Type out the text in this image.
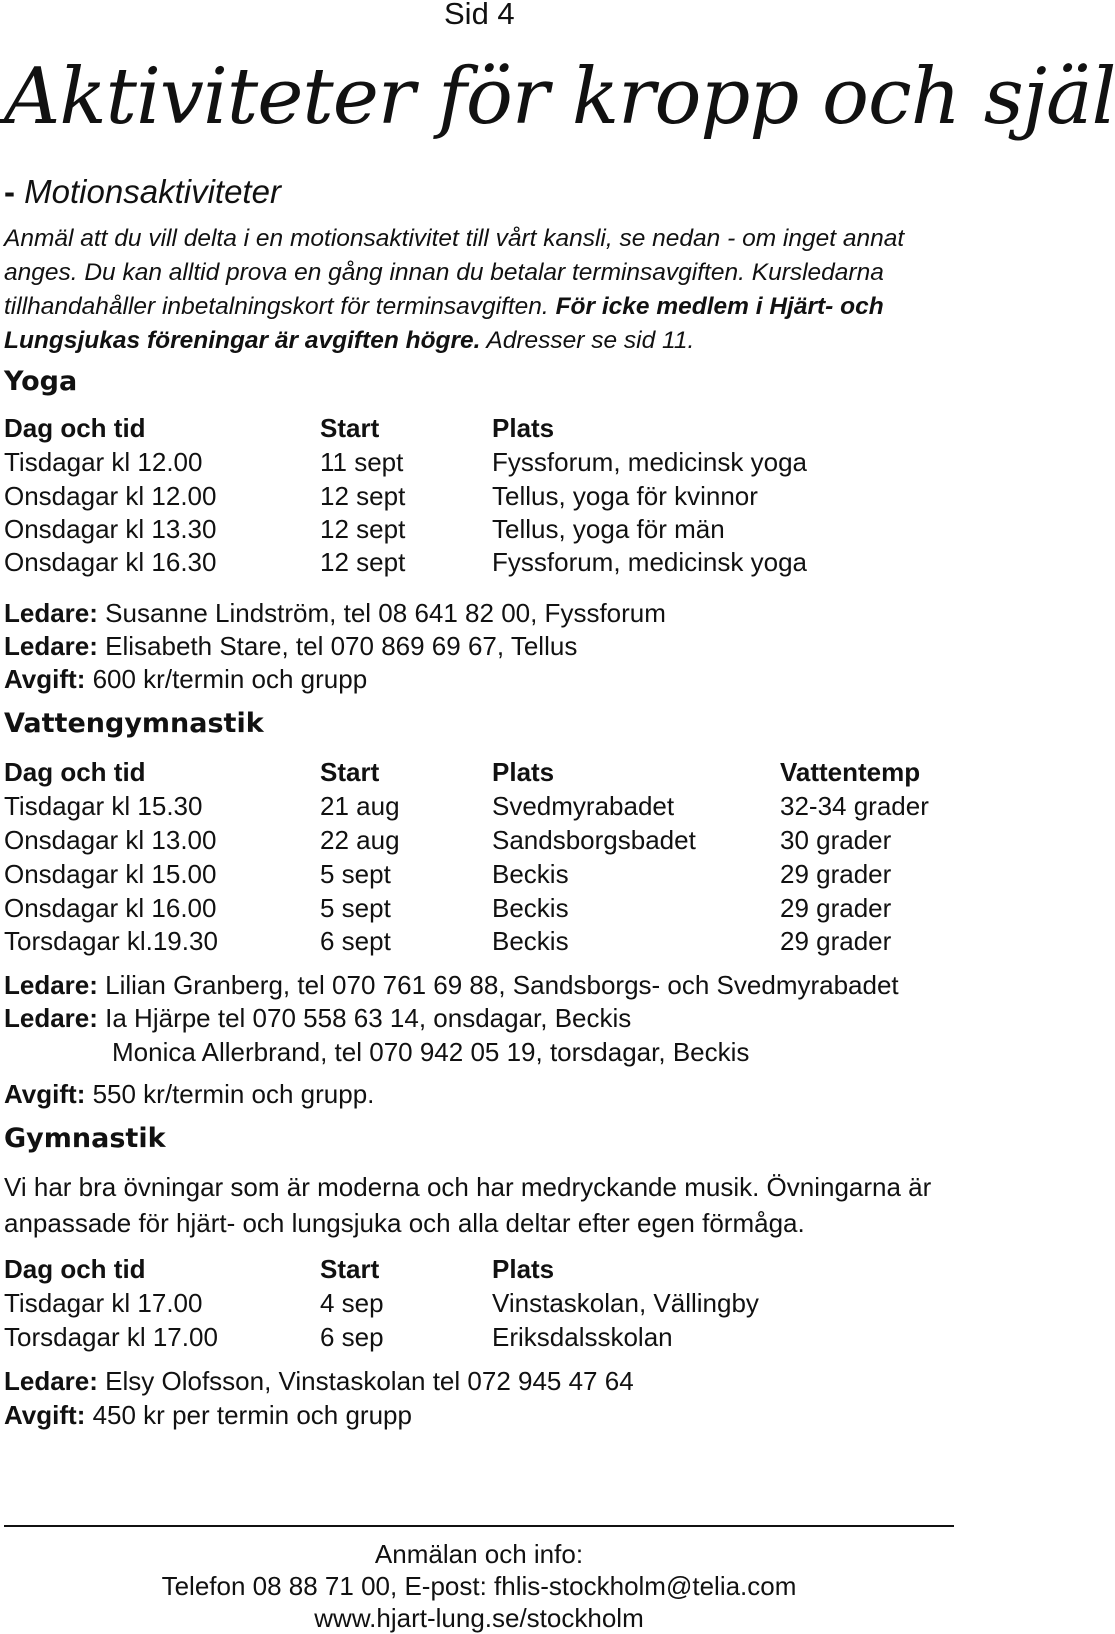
Sid 4
Aktiviteter för kropp och själ
- Motionsaktiviteter
Anmäl att du vill delta i en motionsaktivitet till vårt kansli, se nedan - om inget annat anges. Du kan alltid prova en gång innan du betalar terminsavgiften. Kursledarna tillhandahåller inbetalningskort för terminsavgiften. För icke medlem i Hjärt- och Lungsjukas föreningar är avgiften högre. Adresser se sid 11.
Yoga
Dag och tid	Start	Plats
Tisdagar kl 12.00	11 sept	Fyssforum, medicinsk yoga
Onsdagar kl 12.00	12 sept	Tellus, yoga för kvinnor
Onsdagar kl 13.30	12 sept	Tellus, yoga för män
Onsdagar kl 16.30	12 sept	Fyssforum, medicinsk yoga
Ledare: Susanne Lindström, tel 08 641 82 00, Fyssforum
Ledare: Elisabeth Stare, tel 070 869 69 67, Tellus
Avgift: 600 kr/termin och grupp
Vattengymnastik
Dag och tid	Start	Plats	Vattentemp
Tisdagar kl 15.30	21 aug	Svedmyrabadet	32-34 grader
Onsdagar kl 13.00	22 aug	Sandsborgsbadet	30 grader
Onsdagar kl 15.00	5 sept	Beckis	29 grader
Onsdagar kl 16.00	5 sept	Beckis	29 grader
Torsdagar kl.19.30	6 sept	Beckis	29 grader
Ledare: Lilian Granberg, tel 070 761 69 88, Sandsborgs- och Svedmyrabadet
Ledare: Ia Hjärpe tel 070 558 63 14, onsdagar, Beckis
Monica Allerbrand, tel 070 942 05 19, torsdagar, Beckis
Avgift: 550 kr/termin och grupp.
Gymnastik
Vi har bra övningar som är moderna och har medryckande musik. Övningarna är anpassade för hjärt- och lungsjuka och alla deltar efter egen förmåga.
Dag och tid	Start	Plats
Tisdagar kl 17.00	4 sep	Vinstaskolan, Vällingby
Torsdagar kl 17.00	6 sep	Eriksdalsskolan
Ledare: Elsy Olofsson, Vinstaskolan tel 072 945 47 64
Avgift: 450 kr per termin och grupp
Anmälan och info:
Telefon 08 88 71 00, E-post: fhlis-stockholm@telia.com
www.hjart-lung.se/stockholm
